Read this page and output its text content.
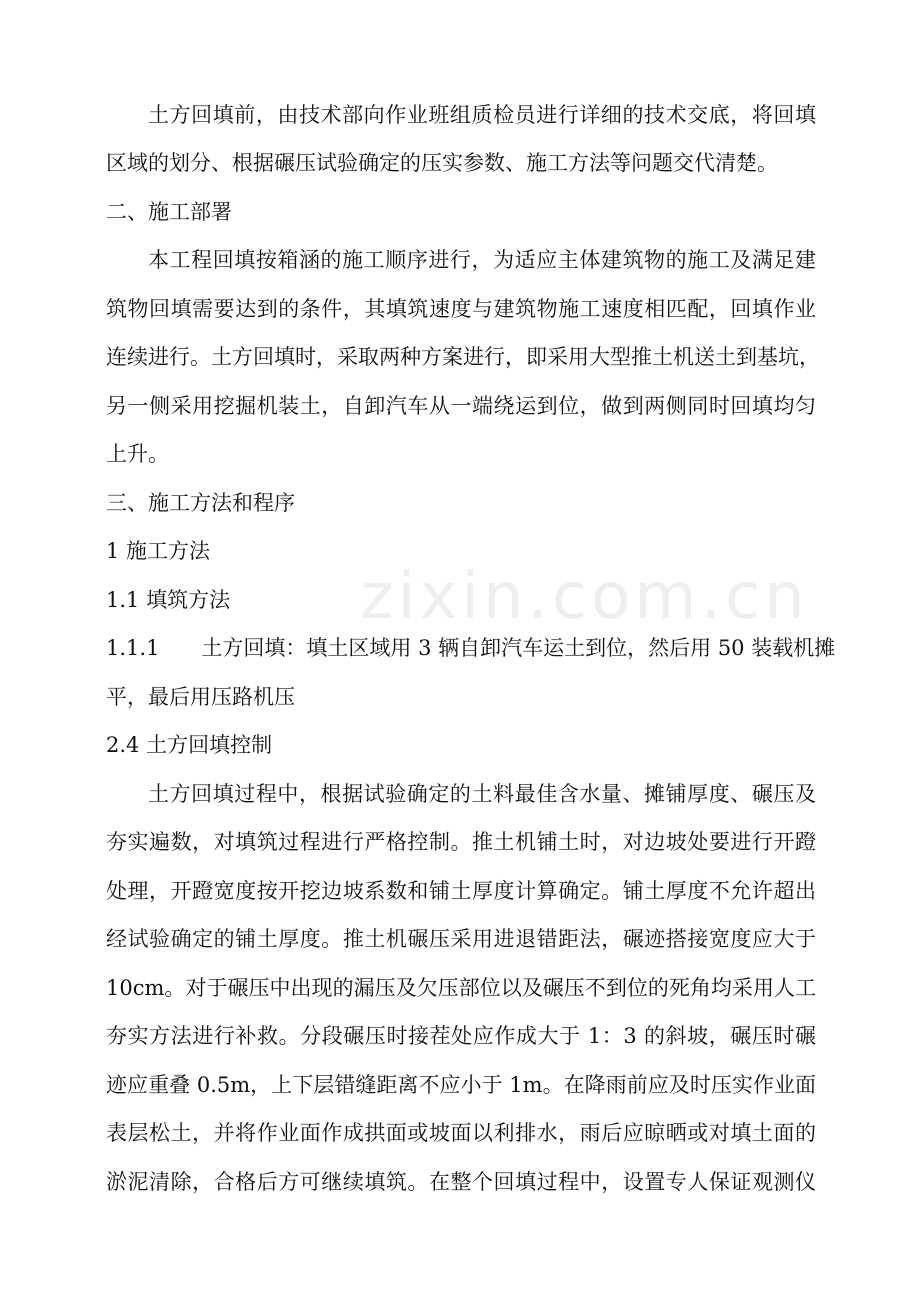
zixin.com.cn
土方回填前，由技术部向作业班组质检员进行详细的技术交底，将回填
区域的划分、根据碾压试验确定的压实参数、施工方法等问题交代清楚。
二、施工部署
本工程回填按箱涵的施工顺序进行，为适应主体建筑物的施工及满足建
筑物回填需要达到的条件，其填筑速度与建筑物施工速度相匹配，回填作业
连续进行。土方回填时，采取两种方案进行，即采用大型推土机送土到基坑，
另一侧采用挖掘机装土，自卸汽车从一端绕运到位，做到两侧同时回填均匀
上升。
三、施工方法和程序
1 施工方法
1.1 填筑方法
1.1.1　　土方回填：填土区域用 3 辆自卸汽车运土到位，然后用 50 装载机摊
平，最后用压路机压
2.4 土方回填控制
土方回填过程中，根据试验确定的土料最佳含水量、摊铺厚度、碾压及
夯实遍数，对填筑过程进行严格控制。推土机铺土时，对边坡处要进行开蹬
处理，开蹬宽度按开挖边坡系数和铺土厚度计算确定。铺土厚度不允许超出
经试验确定的铺土厚度。推土机碾压采用进退错距法，碾迹搭接宽度应大于
10cm。对于碾压中出现的漏压及欠压部位以及碾压不到位的死角均采用人工
夯实方法进行补救。分段碾压时接茬处应作成大于 1：3 的斜坡，碾压时碾
迹应重叠 0.5m，上下层错缝距离不应小于 1m。在降雨前应及时压实作业面
表层松土，并将作业面作成拱面或坡面以利排水，雨后应晾晒或对填土面的
淤泥清除，合格后方可继续填筑。在整个回填过程中，设置专人保证观测仪
